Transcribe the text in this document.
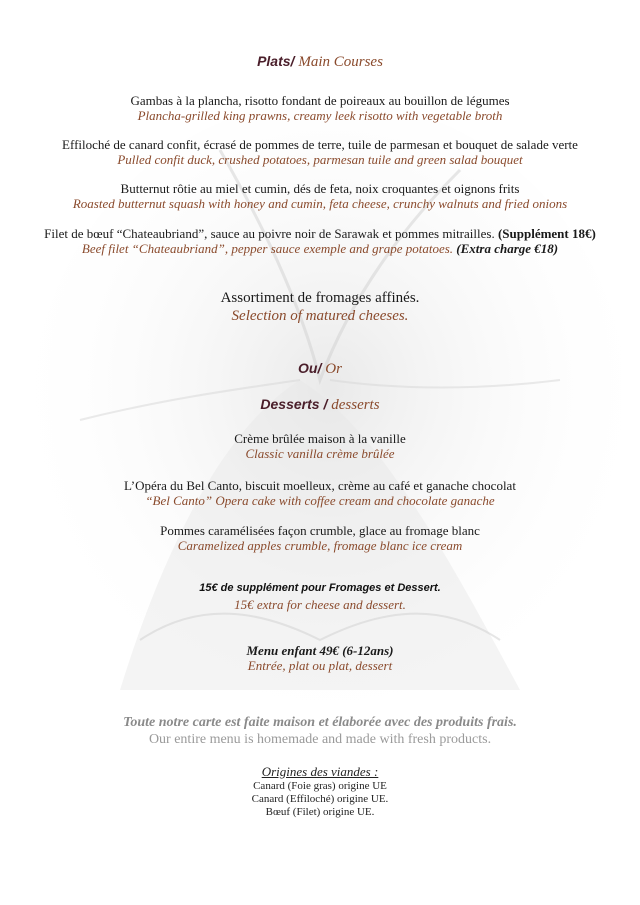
Plats/ Main Courses
Gambas à la plancha, risotto fondant de poireaux au bouillon de légumes
Plancha-grilled king prawns, creamy leek risotto with vegetable broth
Effiloché de canard confit, écrasé de pommes de terre, tuile de parmesan et bouquet de salade verte
Pulled confit duck, crushed potatoes, parmesan tuile and green salad bouquet
Butternut rôtie au miel et cumin, dés de feta, noix croquantes et oignons frits
Roasted butternut squash with honey and cumin, feta cheese, crunchy walnuts and fried onions
Filet de bœuf “Chateaubriand”, sauce au poivre noir de Sarawak et pommes mitrailles. (Supplément 18€)
Beef filet “Chateaubriand”, pepper sauce exemple and grape potatoes. (Extra charge €18)
Assortiment de fromages affinés.
Selection of matured cheeses.
Ou/ Or
Desserts / desserts
Crème brûlée maison à la vanille
Classic vanilla crème brûlée
L’Opéra du Bel Canto, biscuit moelleux, crème au café et ganache chocolat
“Bel Canto” Opera cake with coffee cream and chocolate ganache
Pommes caramélisées façon crumble, glace au fromage blanc
Caramelized apples crumble, fromage blanc ice cream
15€ de supplément pour Fromages et Dessert.
15€ extra for cheese and dessert.
Menu enfant 49€ (6-12ans)
Entrée, plat ou plat, dessert
Toute notre carte est faite maison et élaborée avec des produits frais.
Our entire menu is homemade and made with fresh products.
Origines des viandes :
Canard (Foie gras) origine UE
Canard (Effiloché) origine UE.
Bœuf (Filet) origine UE.
